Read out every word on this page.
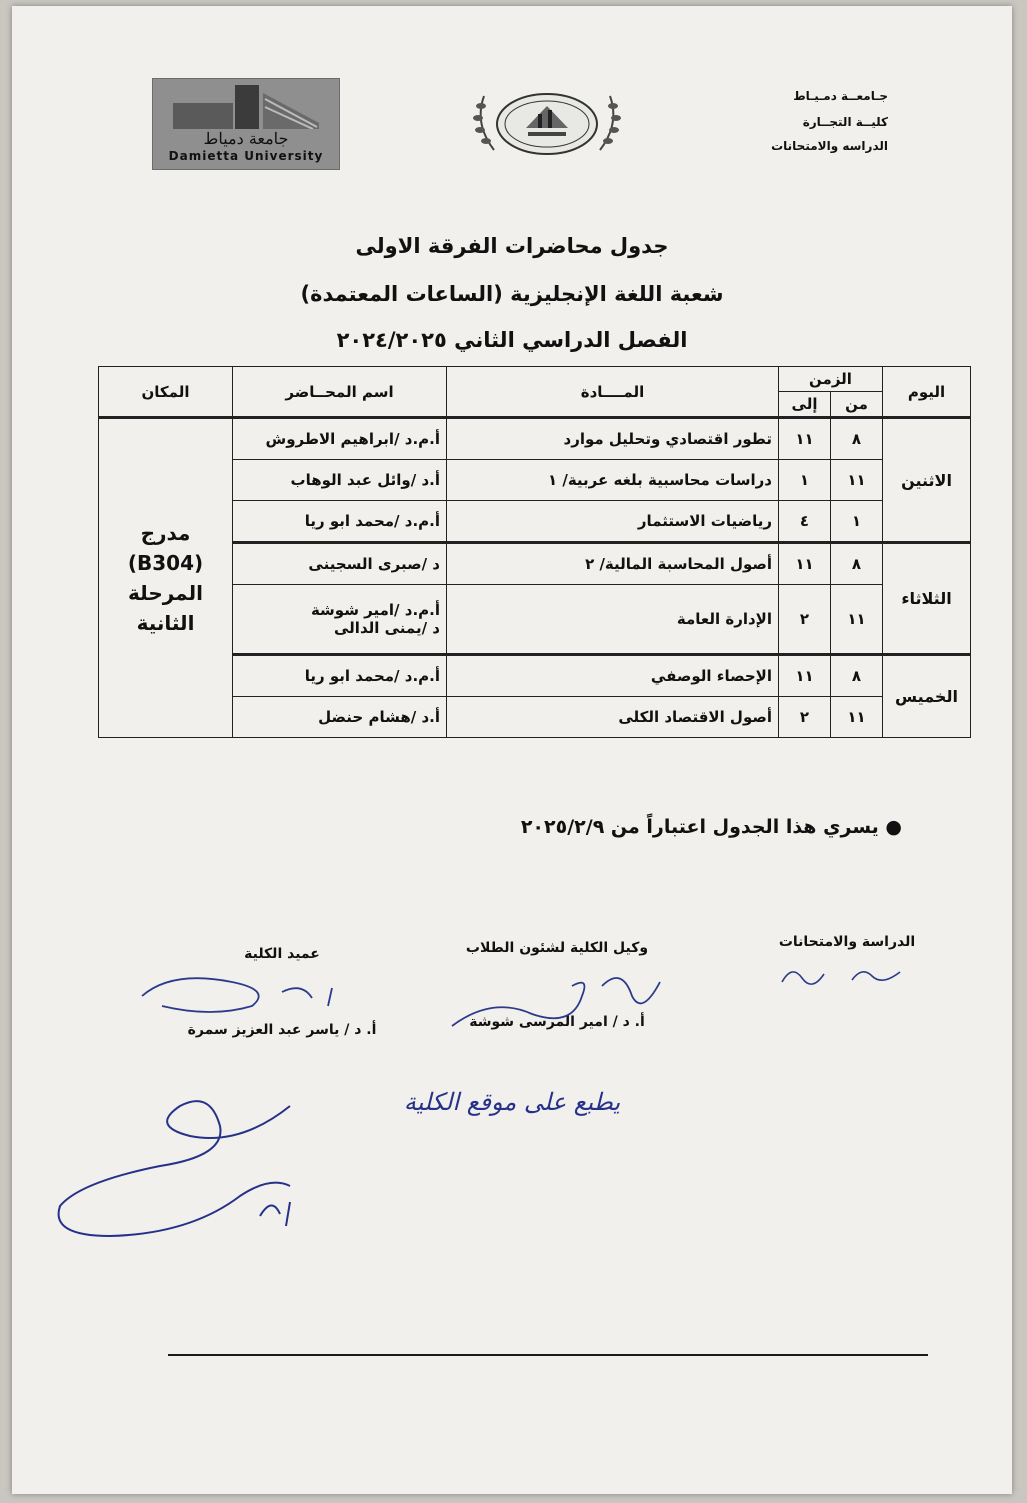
جـامعــة دمـيـاط
كليــة التجــارة
الدراسه والامتحانات
جامعة دمياط
Damietta University
جدول محاضرات الفرقة الاولى
شعبة اللغة الإنجليزية (الساعات المعتمدة)
الفصل الدراسي الثاني ٢٠٢٤/٢٠٢٥
اليوم	الزمن		المــــادة	اسم المحــاضر	المكان
	من	إلى			
الاثنين	٨	١١	تطور اقتصادي وتحليل موارد	أ.م.د /ابراهيم الاطروش	مدرج
(B304)
المرحلة
الثانية

	١١	١	دراسات محاسبية بلغه عربية/ ١	أ.د /وائل عبد الوهاب	
	١	٤	رياضيات الاستثمار	أ.م.د /محمد ابو ريا	
الثلاثاء	٨	١١	أصول المحاسبة المالية/ ٢	د /صبرى السجينى	
	١١	٢	الإدارة العامة	أ.م.د /امير شوشة
د /يمنى الدالى	

الخميس	٨	١١	الإحصاء الوصفي	أ.م.د /محمد ابو ريا	
	١١	٢	أصول الاقتصاد الكلى	أ.د /هشام حنضل	
● يسري هذا الجدول اعتباراً من ٢٠٢٥/٢/٩
الدراسة والامتحانات
وكيل الكلية لشئون الطلاب
عميد الكلية
أ. د / امير المرسى شوشة
أ. د / ياسر عبد العزيز سمرة
يطبع على موقع الكلية
